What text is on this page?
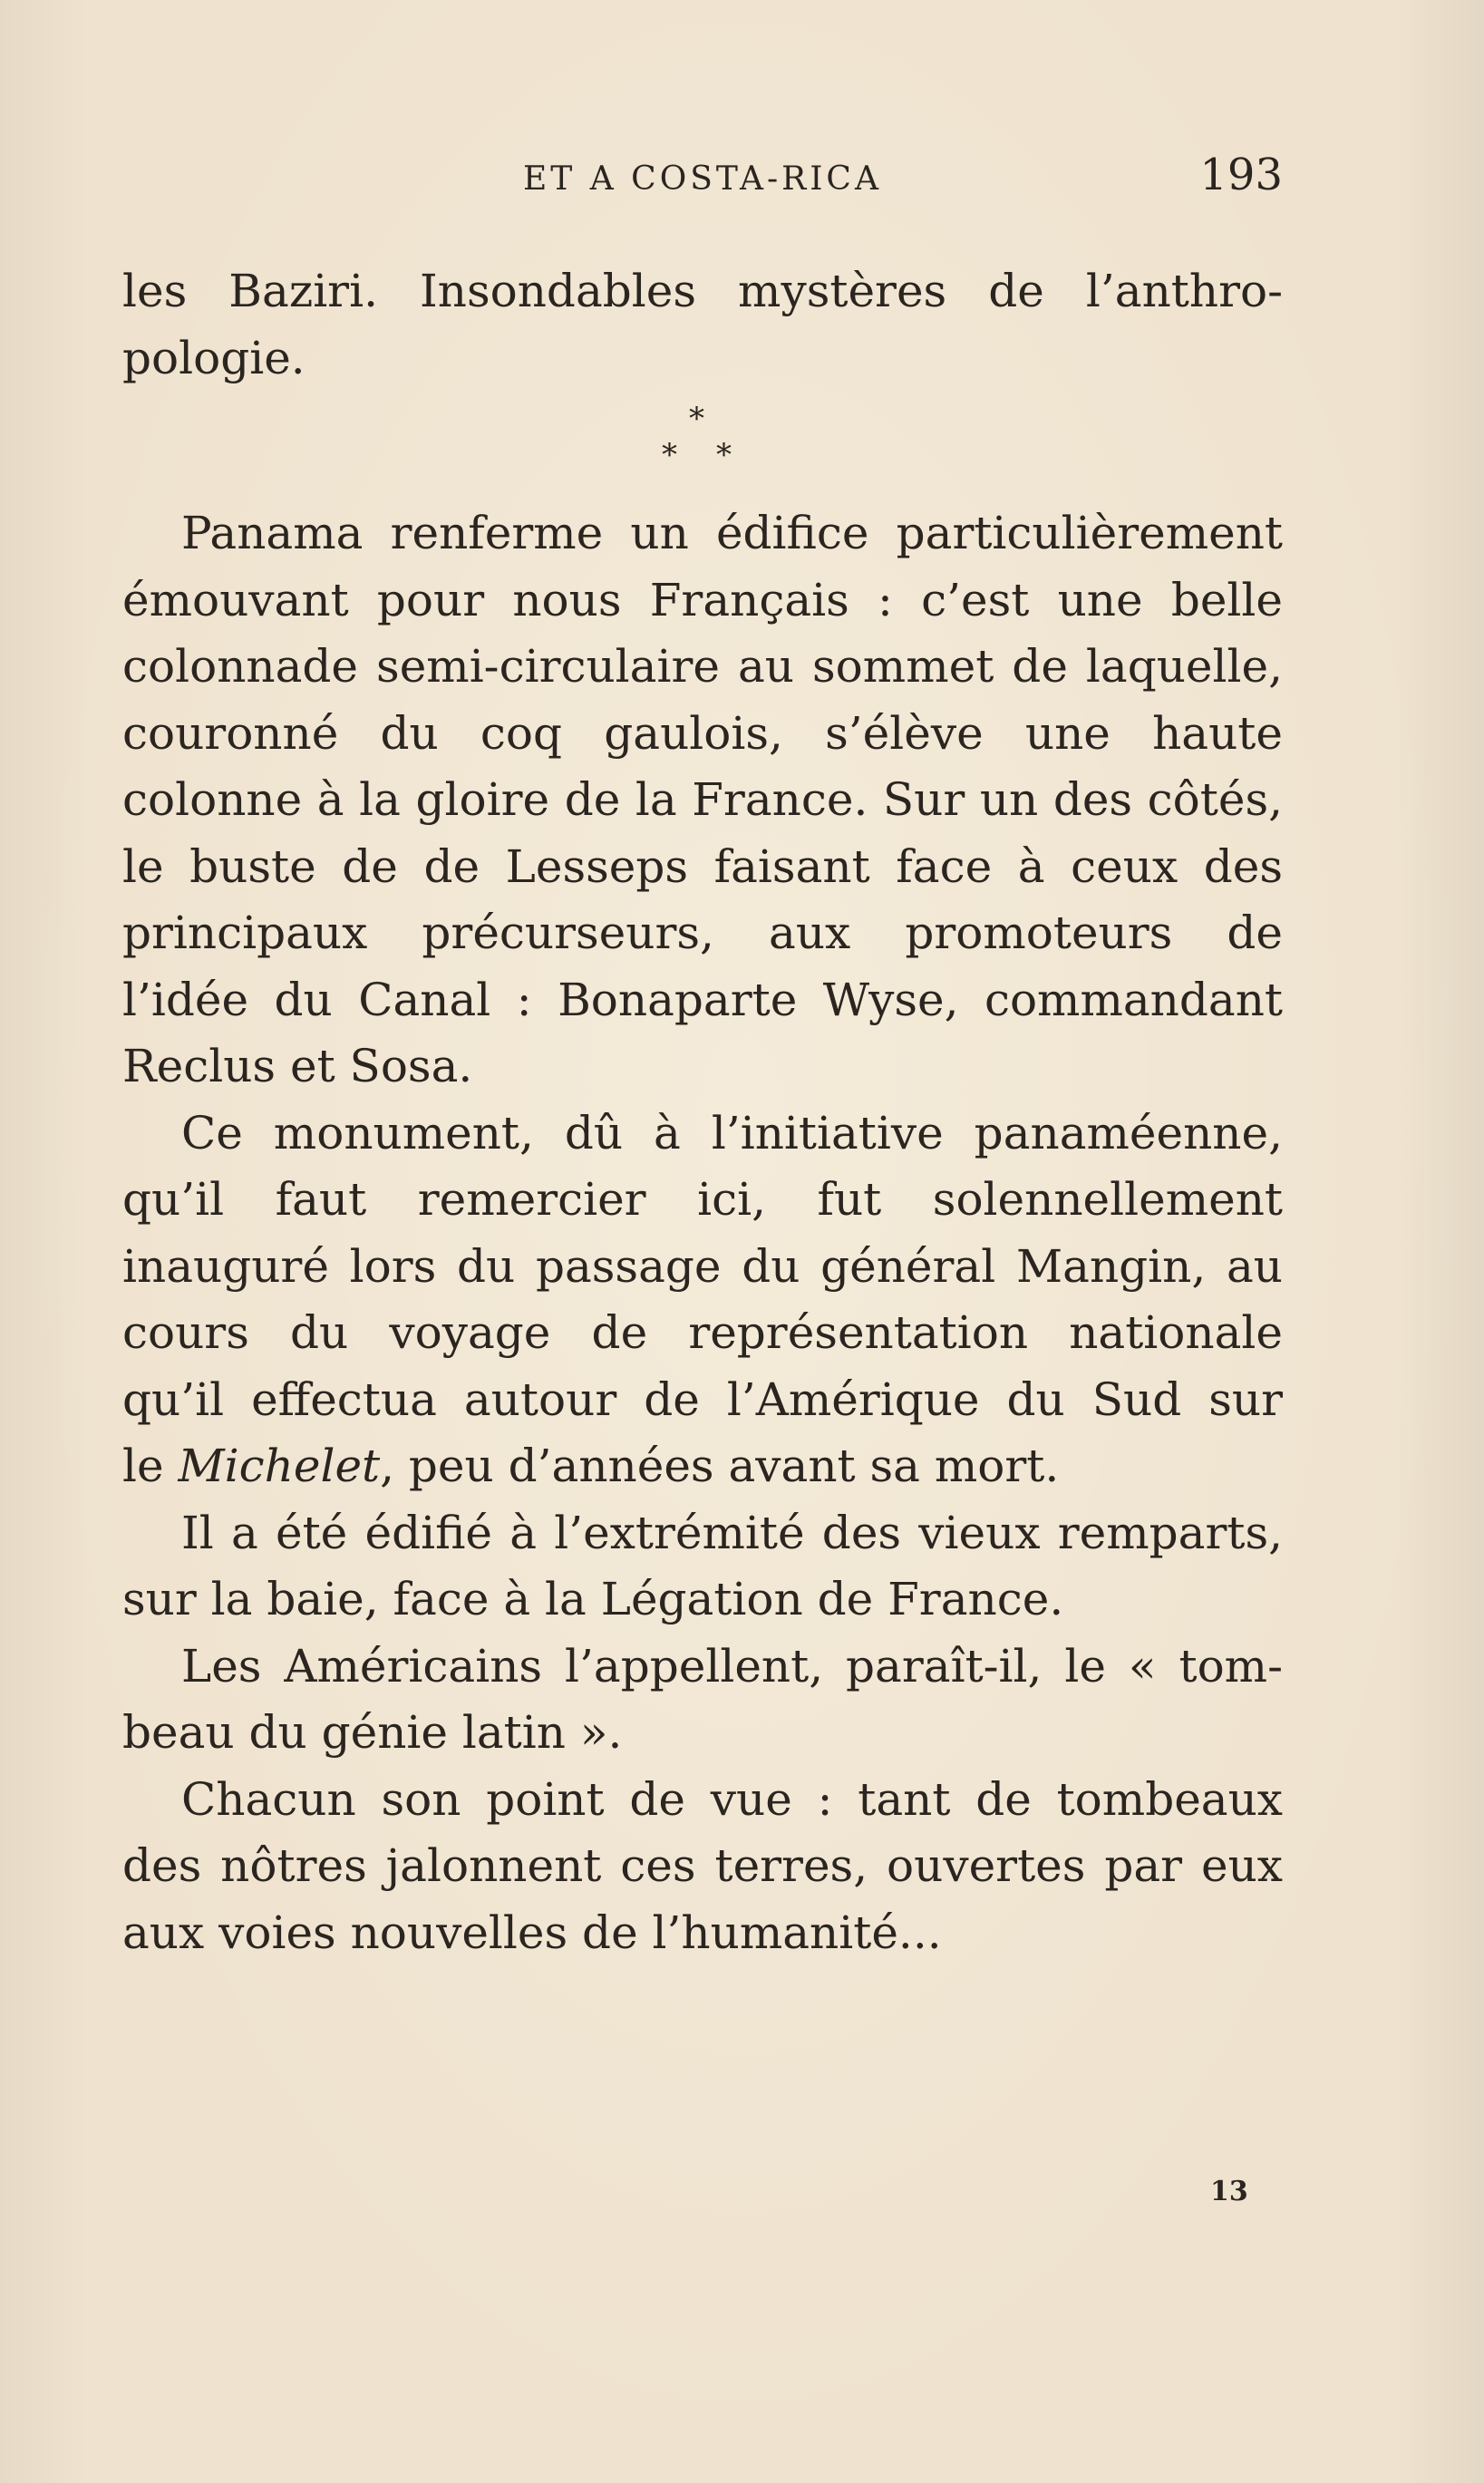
ET A COSTA-RICA	193
les Baziri. Insondables mystères de l’anthro-
pologie.
*
* *
Panama renferme un édifice particulièrement
émouvant pour nous Français : c’est une belle
colonnade semi-circulaire au sommet de laquelle,
couronné du coq gaulois, s’élève une haute
colonne à la gloire de la France. Sur un des côtés,
le buste de de Lesseps faisant face à ceux des
principaux précurseurs, aux promoteurs de
l’idée du Canal : Bonaparte Wyse, commandant
Reclus et Sosa.
Ce monument, dû à l’initiative panaméenne,
qu’il faut remercier ici, fut solennellement
inauguré lors du passage du général Mangin, au
cours du voyage de représentation nationale
qu’il effectua autour de l’Amérique du Sud sur
le Michelet, peu d’années avant sa mort.
Il a été édifié à l’extrémité des vieux remparts,
sur la baie, face à la Légation de France.
Les Américains l’appellent, paraît-il, le « tom-
beau du génie latin ».
Chacun son point de vue : tant de tombeaux
des nôtres jalonnent ces terres, ouvertes par eux
aux voies nouvelles de l’humanité...
13
